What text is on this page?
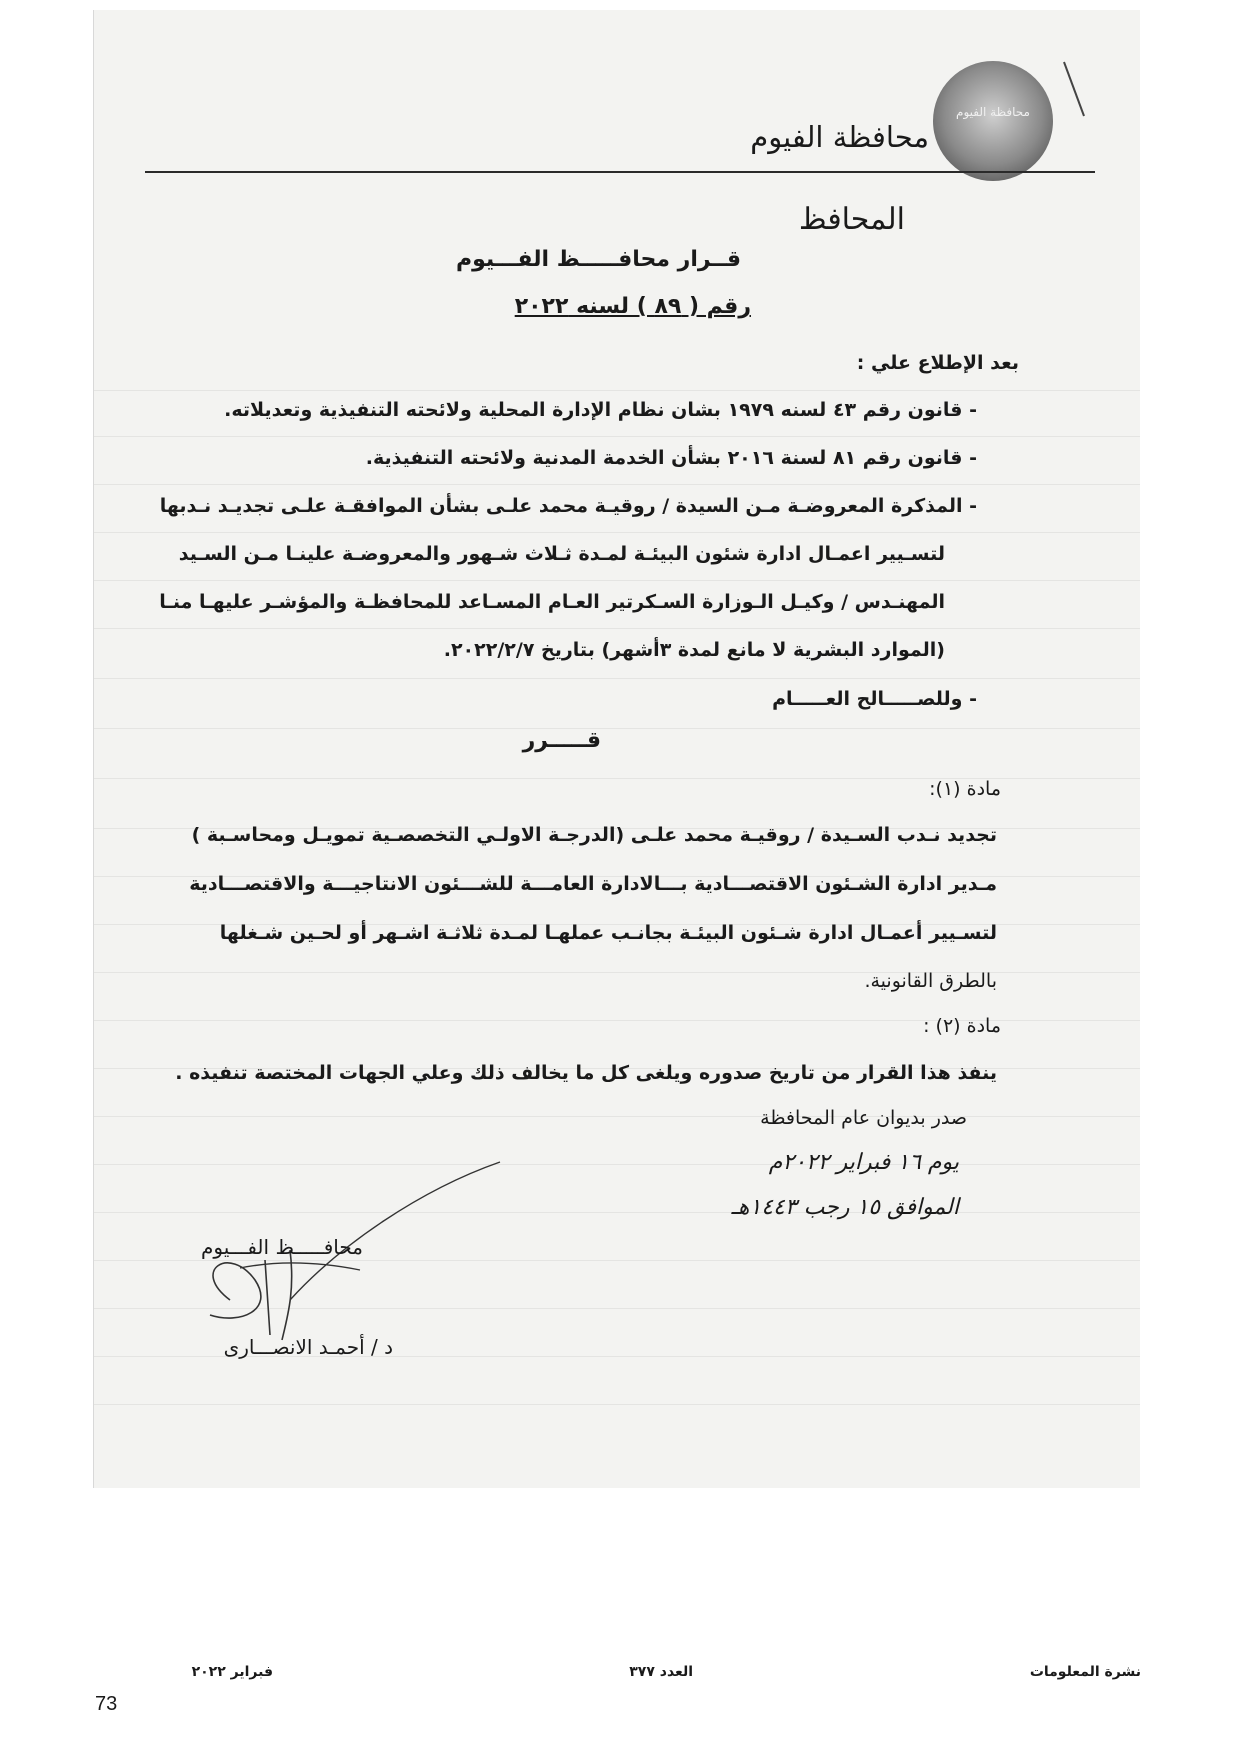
محافظة الفيوم
محافظة الفيوم
المحافظ
قــرار محافـــــظ الفـــيوم
رقم ( ٨٩ ) لسنه ٢٠٢٢
بعد الإطلاع علي :
- قانون رقم ٤٣ لسنه ١٩٧٩ بشان نظام الإدارة المحلية ولائحته التنفيذية وتعديلاته.
- قانون رقم ٨١ لسنة ٢٠١٦ بشأن الخدمة المدنية ولائحته التنفيذية.
- المذكرة المعروضـة مـن السيدة / روقيـة محمد علـى بشأن الموافقـة علـى تجديـد نـدبها
لتسـيير اعمـال ادارة شئون البيئـة لمـدة ثـلاث شـهور والمعروضـة علينـا مـن السـيد
المهنـدس / وكيـل الـوزارة السـكرتير العـام المسـاعد للمحافظـة والمؤشـر عليهـا منـا
(الموارد البشرية لا مانع لمدة ٣أشهر) بتاريخ ٢٠٢٢/٢/٧.
- وللصـــــالح العـــــام
قـــــرر
مادة (١):
تجديد نـدب السـيدة / روقيـة محمد علـى (الدرجـة الاولـي التخصصـية تمويـل ومحاسـبة )
مـدير ادارة الشـئون الاقتصـــادية بـــالادارة العامـــة للشـــئون الانتاجيـــة والاقتصـــادية
لتسـيير أعمـال ادارة شـئون البيئـة بجانـب عملهـا لمـدة ثلاثـة اشـهر أو لحـين شـغلها
بالطرق القانونية.
مادة (٢) :
ينفذ هذا القرار من تاريخ صدوره ويلغى كل ما يخالف ذلك وعلي الجهات المختصة تنفيذه .
صدر بديوان عام المحافظة
يوم ١٦ فبراير ٢٠٢٢م
الموافق ١٥ رجب ١٤٤٣هـ
محافـــــظ الفـــيوم
د / أحمـد الانصـــارى
نشرة المعلومات
العدد ٣٧٧
فبراير ٢٠٢٢
73
